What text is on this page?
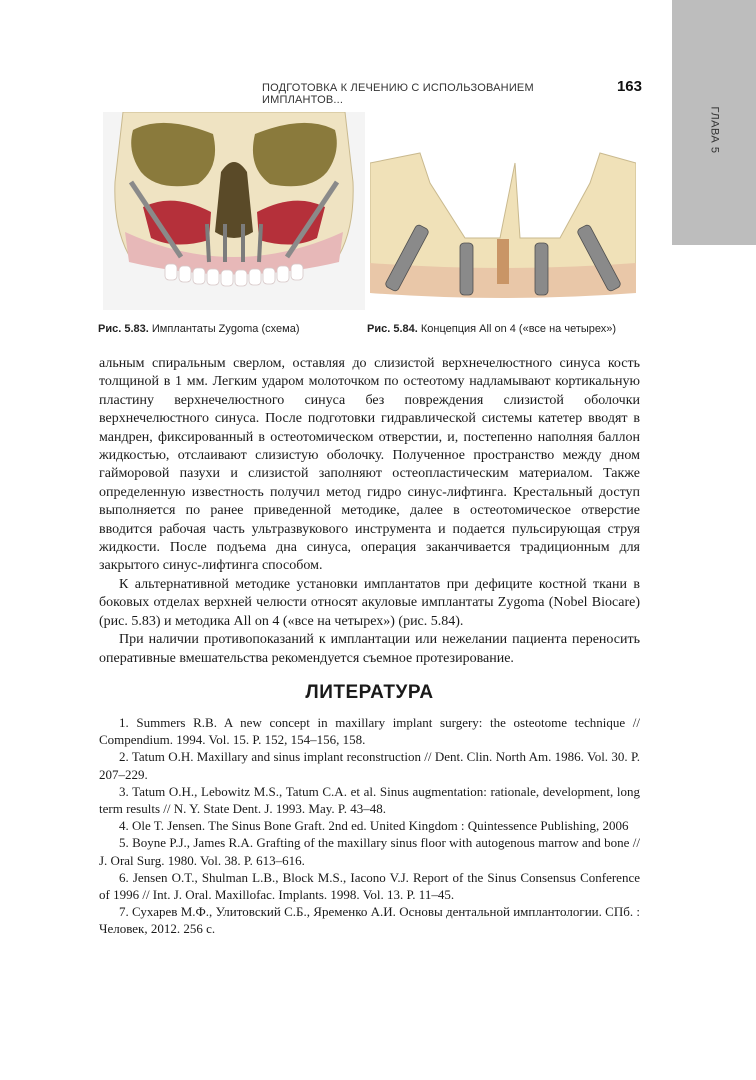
ГЛАВА 5
ПОДГОТОВКА К ЛЕЧЕНИЮ С ИСПОЛЬЗОВАНИЕМ ИМПЛАНТОВ...
163
Рис. 5.83. Имплантаты Zygoma (схема)	Рис. 5.84. Концепция All on 4 («все на четырех»)

альным спиральным сверлом, оставляя до слизистой верхнечелюстного синуса кость толщиной в 1 мм. Легким ударом молоточком по остеотому надламывают кортикальную пластину верхнечелюстного синуса без повреждения слизистой оболочки верхнечелюстного синуса. После подготовки гидравлической системы катетер вводят в мандрен, фиксированный в остеотомическом отверстии, и, постепенно наполняя баллон жидкостью, отслаивают слизистую оболочку. Полученное пространство между дном гайморовой пазухи и слизистой заполняют остеопластическим материалом. Также определенную известность получил метод гидро синус-лифтинга. Крестальный доступ выполняется по ранее приведенной методике, далее в остеотомическое отверстие вводится рабочая часть ультразвукового инструмента и подается пульсирующая струя жидкости. После подъема дна синуса, операция заканчивается традиционным для закрытого синус-лифтинга способом.

К альтернативной методике установки имплантатов при дефиците костной ткани в боковых отделах верхней челюсти относят акуловые имплантаты Zygoma (Nobel Biocare) (рис. 5.83) и методика All on 4 («все на четырех») (рис. 5.84).

При наличии противопоказаний к имплантации или нежелании пациента переносить оперативные вмешательства рекомендуется съемное протезирование.

ЛИТЕРАТУРА

1. Summers R.B. A new concept in maxillary implant surgery: the osteotome technique // Compendium. 1994. Vol. 15. P. 152, 154–156, 158.

2. Tatum O.H. Maxillary and sinus implant reconstruction // Dent. Clin. North Am. 1986. Vol. 30. P. 207–229.

3. Tatum O.H., Lebowitz M.S., Tatum C.A. et al. Sinus augmentation: rationale, development, long term results // N. Y. State Dent. J. 1993. May. P. 43–48.

4. Ole T. Jensen. The Sinus Bone Graft. 2nd ed. United Kingdom : Quintessence Publishing, 2006

5. Boyne P.J., James R.A. Grafting of the maxillary sinus floor with autogenous marrow and bone // J. Oral Surg. 1980. Vol. 38. P. 613–616.

6. Jensen O.T., Shulman L.B., Block M.S., Iacono V.J. Report of the Sinus Consensus Conference of 1996 // Int. J. Oral. Maxillofac. Implants. 1998. Vol. 13. P. 11–45.

7. Сухарев М.Ф., Улитовский С.Б., Яременко А.И. Основы дентальной имплантологии. СПб. : Человек, 2012. 256 с.
